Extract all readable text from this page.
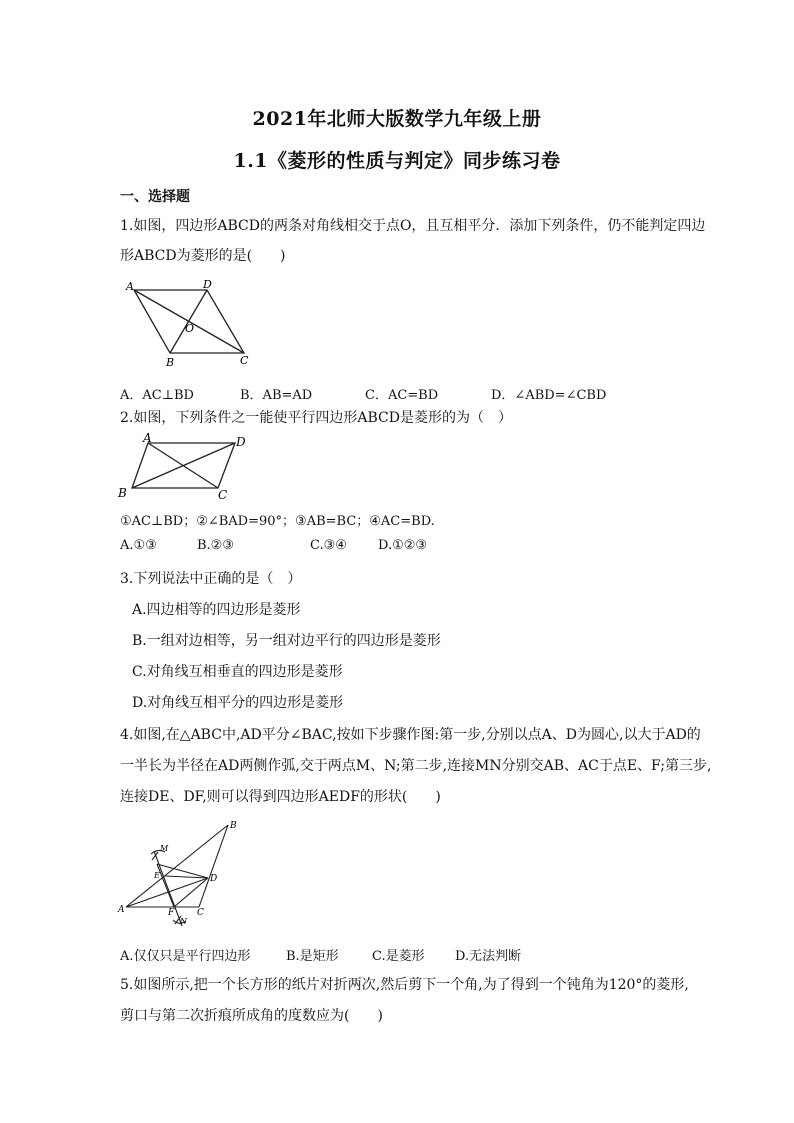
2021年北师大版数学九年级上册
1.1《菱形的性质与判定》同步练习卷
一、选择题
1.如图，四边形ABCD的两条对角线相交于点O，且互相平分．添加下列条件，仍不能判定四边
形ABCD为菱形的是(　　)
A	D
O
B	C
A．AC⊥BD	B．AB=AD	C．AC=BD	D．∠ABD=∠CBD
2.如图，下列条件之一能使平行四边形ABCD是菱形的为（　）
A	D
B	C
①AC⊥BD；②∠BAD=90°；③AB=BC；④AC=BD.
A.①③	B.②③	C.③④ D.①②③
3.下列说法中正确的是（　）
A.四边相等的四边形是菱形
B.一组对边相等，另一组对边平行的四边形是菱形
C.对角线互相垂直的四边形是菱形
D.对角线互相平分的四边形是菱形
4.如图,在△ABC中,AD平分∠BAC,按如下步骤作图:第一步,分别以点A、D为圆心,以大于AD的
一半长为半径在AD两侧作弧,交于两点M、N;第二步,连接MN分别交AB、AC于点E、F;第三步,
连接DE、DF,则可以得到四边形AEDF的形状(　　)
B
M
E	D
A	F	C
N
A.仅仅只是平行四边形	B.是矩形	C.是菱形 D.无法判断
5.如图所示,把一个长方形的纸片对折两次,然后剪下一个角,为了得到一个钝角为120°的菱形,
剪口与第二次折痕所成角的度数应为(　　)
